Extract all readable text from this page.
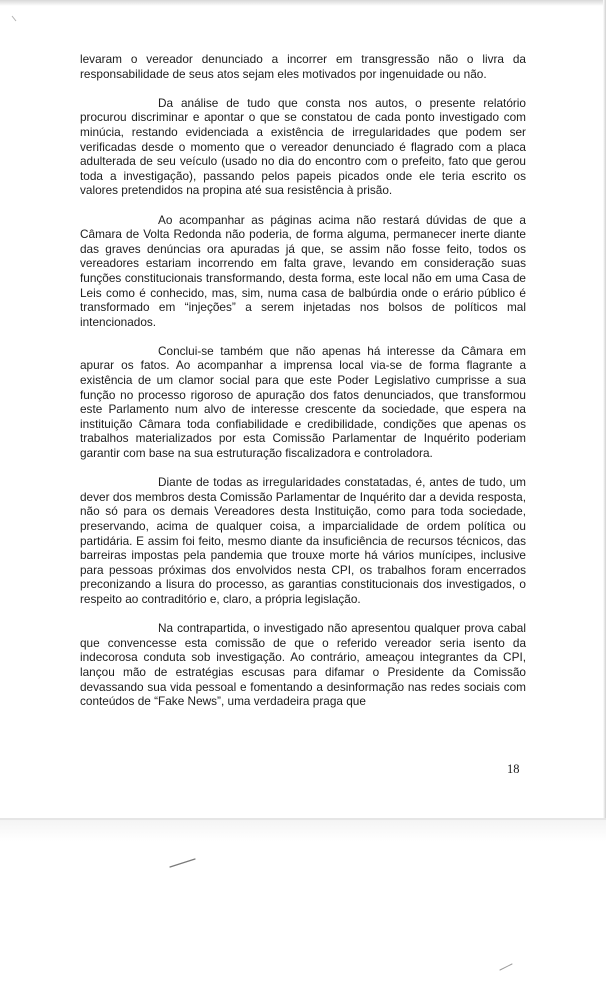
levaram o vereador denunciado a incorrer em transgressão não o livra da responsabilidade de seus atos sejam eles motivados por ingenuidade ou não.

Da análise de tudo que consta nos autos, o presente relatório procurou discriminar e apontar o que se constatou de cada ponto investigado com minúcia, restando evidenciada a existência de irregularidades que podem ser verificadas desde o momento que o vereador denunciado é flagrado com a placa adulterada de seu veículo (usado no dia do encontro com o prefeito, fato que gerou toda a investigação), passando pelos papeis picados onde ele teria escrito os valores pretendidos na propina até sua resistência à prisão.

Ao acompanhar as páginas acima não restará dúvidas de que a Câmara de Volta Redonda não poderia, de forma alguma, permanecer inerte diante das graves denúncias ora apuradas já que, se assim não fosse feito, todos os vereadores estariam incorrendo em falta grave, levando em consideração suas funções constitucionais transformando, desta forma, este local não em uma Casa de Leis como é conhecido, mas, sim, numa casa de balbúrdia onde o erário público é transformado em “injeções” a serem injetadas nos bolsos de políticos mal intencionados.

Conclui-se também que não apenas há interesse da Câmara em apurar os fatos. Ao acompanhar a imprensa local via-se de forma flagrante a existência de um clamor social para que este Poder Legislativo cumprisse a sua função no processo rigoroso de apuração dos fatos denunciados, que transformou este Parlamento num alvo de interesse crescente da sociedade, que espera na instituição Câmara toda confiabilidade e credibilidade, condições que apenas os trabalhos materializados por esta Comissão Parlamentar de Inquérito poderiam garantir com base na sua estruturação fiscalizadora e controladora.

Diante de todas as irregularidades constatadas, é, antes de tudo, um dever dos membros desta Comissão Parlamentar de Inquérito dar a devida resposta, não só para os demais Vereadores desta Instituição, como para toda sociedade, preservando, acima de qualquer coisa, a imparcialidade de ordem política ou partidária. E assim foi feito, mesmo diante da insuficiência de recursos técnicos, das barreiras impostas pela pandemia que trouxe morte há vários munícipes, inclusive para pessoas próximas dos envolvidos nesta CPI, os trabalhos foram encerrados preconizando a lisura do processo, as garantias constitucionais dos investigados, o respeito ao contraditório e, claro, a própria legislação.

Na contrapartida, o investigado não apresentou qualquer prova cabal que convencesse esta comissão de que o referido vereador seria isento da indecorosa conduta sob investigação. Ao contrário, ameaçou integrantes da CPI, lançou mão de estratégias escusas para difamar o Presidente da Comissão devassando sua vida pessoal e fomentando a desinformação nas redes sociais com conteúdos de “Fake News”, uma verdadeira praga que

18
